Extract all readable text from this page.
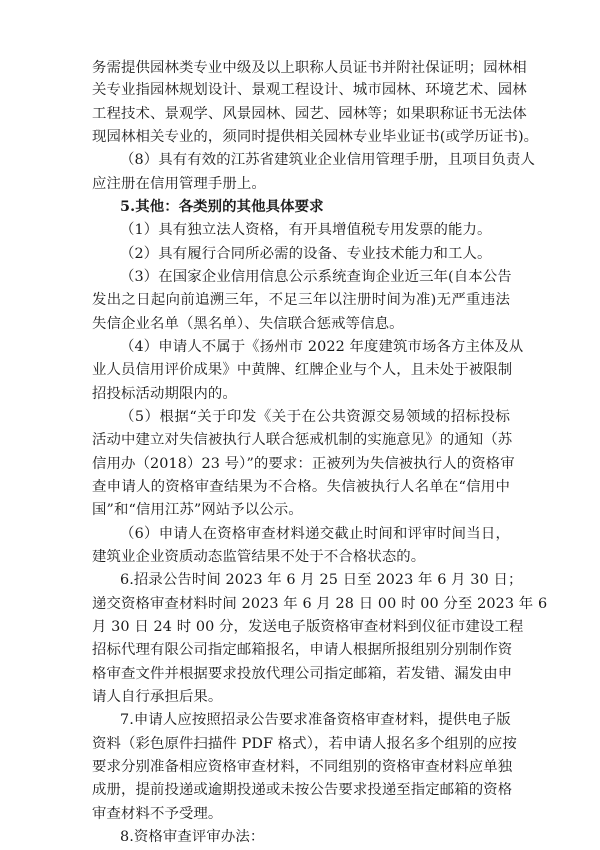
务需提供园林类专业中级及以上职称人员证书并附社保证明；园林相
关专业指园林规划设计、景观工程设计、城市园林、环境艺术、园林
工程技术、景观学、风景园林、园艺、园林等；如果职称证书无法体
现园林相关专业的，须同时提供相关园林专业毕业证书(或学历证书)。
（8）具有有效的江苏省建筑业企业信用管理手册，且项目负责人
应注册在信用管理手册上。
5.其他：各类别的其他具体要求
（1）具有独立法人资格，有开具增值税专用发票的能力。
（2）具有履行合同所必需的设备、专业技术能力和工人。
（3）在国家企业信用信息公示系统查询企业近三年(自本公告
发出之日起向前追溯三年，不足三年以注册时间为准)无严重违法
失信企业名单（黑名单）、失信联合惩戒等信息。
（4）申请人不属于《扬州市 2022 年度建筑市场各方主体及从
业人员信用评价成果》中黄牌、红牌企业与个人，且未处于被限制
招投标活动期限内的。
（5）根据“关于印发《关于在公共资源交易领域的招标投标
活动中建立对失信被执行人联合惩戒机制的实施意见》的通知（苏
信用办（2018）23 号）”的要求：正被列为失信被执行人的资格审
查申请人的资格审查结果为不合格。失信被执行人名单在“信用中
国”和“信用江苏”网站予以公示。
（6）申请人在资格审查材料递交截止时间和评审时间当日，
建筑业企业资质动态监管结果不处于不合格状态的。
6.招录公告时间 2023 年 6 月 25 日至 2023 年 6 月 30 日；
递交资格审查材料时间 2023 年 6 月 28 日 00 时 00 分至 2023 年 6
月 30 日 24 时 00 分，发送电子版资格审查材料到仪征市建设工程
招标代理有限公司指定邮箱报名，申请人根据所报组别分别制作资
格审查文件并根据要求投放代理公司指定邮箱，若发错、漏发由申
请人自行承担后果。
7.申请人应按照招录公告要求准备资格审查材料，提供电子版
资料（彩色原件扫描件 PDF 格式），若申请人报名多个组别的应按
要求分别准备相应资格审查材料，不同组别的资格审查材料应单独
成册，提前投递或逾期投递或未按公告要求投递至指定邮箱的资格
审查材料不予受理。
8.资格审查评审办法：
